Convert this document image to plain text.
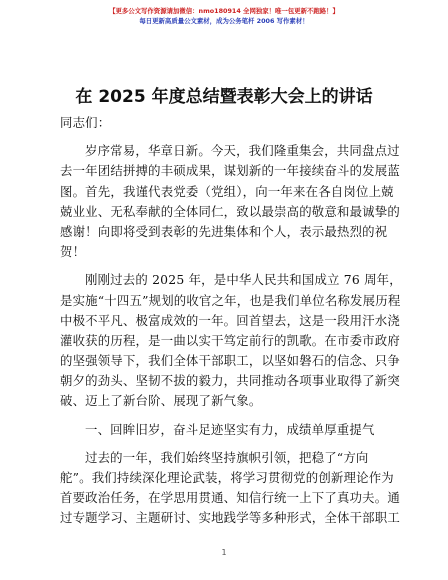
【更多公文写作资源请加微信：nmo180914 全网独家！唯一包更新不跑路！】
每日更新高质量公文素材，成为公务笔杆 2006 写作素材！
在 2025 年度总结暨表彰大会上的讲话
同志们：

岁序常易，华章日新。今天，我们隆重集会，共同盘点过
去一年团结拼搏的丰硕成果，谋划新的一年接续奋斗的发展蓝
图。首先，我谨代表党委（党组），向一年来在各自岗位上兢
兢业业、无私奉献的全体同仁，致以最崇高的敬意和最诚挚的
感谢！向即将受到表彰的先进集体和个人，表示最热烈的祝
贺！

刚刚过去的 2025 年，是中华人民共和国成立 76 周年，
是实施“十四五”规划的收官之年，也是我们单位名称发展历程
中极不平凡、极富成效的一年。回首望去，这是一段用汗水浇
灌收获的历程，是一曲以实干笃定前行的凯歌。在市委市政府
的坚强领导下，我们全体干部职工，以坚如磐石的信念、只争
朝夕的劲头、坚韧不拔的毅力，共同推动各项事业取得了新突
破、迈上了新台阶、展现了新气象。

一、回眸旧岁，奋斗足迹坚实有力，成绩单厚重提气

过去的一年，我们始终坚持旗帜引领，把稳了“方向
舵”。我们持续深化理论武装，将学习贯彻党的创新理论作为
首要政治任务，在学思用贯通、知信行统一上下了真功夫。通
过专题学习、主题研讨、实地践学等多种形式，全体干部职工

1
